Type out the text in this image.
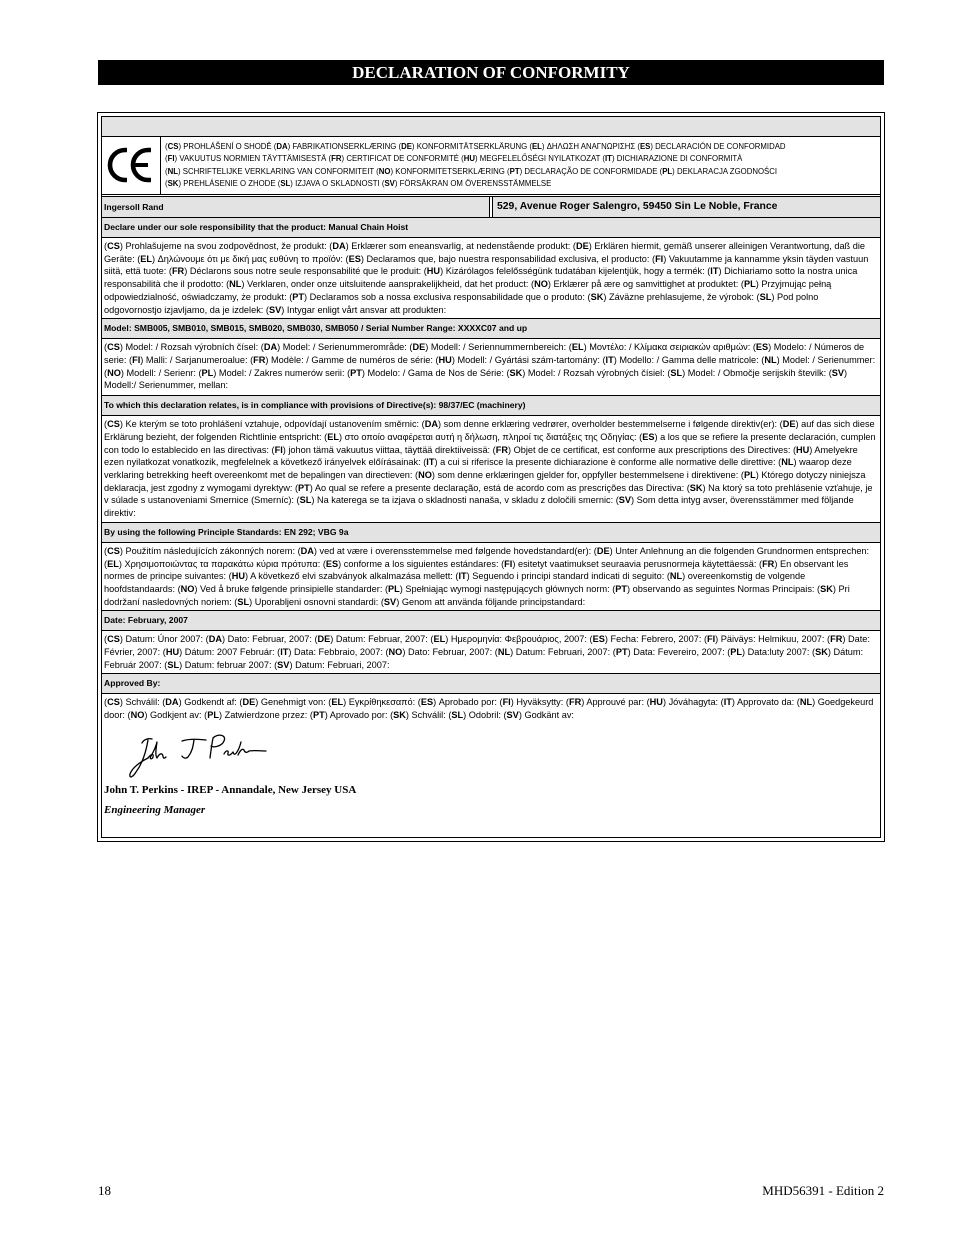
DECLARATION OF CONFORMITY
( CS ) PROHLÁŠENÍ O SHODĚ ( DA ) FABRIKATIONSERKLÆRING ( DE ) KONFORMITÄTSERKLÄRUNG ( EL ) ΔΗΛΩΣΗ ΑΝΑΓΝΩΡΙΣΗΣ ( ES ) DECLARACIÓN DE CONFORMIDAD
( FI ) VAKUUTUS NORMIEN TÄYTTÄMISESTÄ ( FR ) CERTIFICAT DE CONFORMITÉ ( HU ) MEGFELELŐSÉGI NYILATKOZAT ( IT ) DICHIARAZIONE DI CONFORMITÀ
( NL ) SCHRIFTELIJKE VERKLARING VAN CONFORMITEIT ( NO ) KONFORMITETSERKLÆRING ( PT ) DECLARAÇÃO DE CONFORMIDADE ( PL ) DEKLARACJA ZGODNOŚCI
( SK ) PREHLÁSENIE O ZHODE ( SL ) IZJAVA O SKLADNOSTI ( SV ) FÖRSÄKRAN OM ÖVERENSSTÄMMELSE
Ingersoll Rand	529, Avenue Roger Salengro, 59450 Sin Le Noble, France
Declare under our sole responsibility that the product: Manual Chain Hoist
( CS ) Prohlašujeme na svou zodpovědnost, že produkt: ( DA ) Erklærer som eneansvarlig, at nedenstående produkt: ( DE ) Erklären hiermit, gemäß unserer alleinigen Verantwortung, daß die Geräte: ( EL ) Δηλώνουμε ότι με δική μας ευθύνη το προϊόν: ( ES ) Declaramos que, bajo nuestra responsabilidad exclusiva, el producto: ( FI ) Vakuutamme ja kannamme yksin täyden vastuun siitä, että tuote: ( FR ) Déclarons sous notre seule responsabilité que le produit: ( HU ) Kizárólagos felelősségünk tudatában kijelentjük, hogy a termék: ( IT ) Dichiariamo sotto la nostra unica responsabilità che il prodotto: ( NL ) Verklaren, onder onze uitsluitende aansprakelijkheid, dat het product: ( NO ) Erklærer på ære og samvittighet at produktet: ( PL ) Przyjmując pełną odpowiedzialność, oświadczamy, że produkt: ( PT ) Declaramos sob a nossa exclusiva responsabilidade que o produto: ( SK ) Záväzne prehlasujeme, že výrobok: ( SL ) Pod polno odgovornostjo izjavljamo, da je izdelek: ( SV ) Intygar enligt vårt ansvar att produkten:
Model: SMB005, SMB010, SMB015, SMB020, SMB030, SMB050 / Serial Number Range: XXXXC07 and up
( CS ) Model: / Rozsah výrobních čísel: ( DA ) Model: / Serienummerområde: ( DE ) Modell: / Seriennummernbereich: ( EL ) Μοντέλο: / Κλίμακα σειριακών αριθμών: ( ES ) Modelo: / Números de serie: ( FI ) Malli: / Sarjanumeroalue: ( FR ) Modèle: / Gamme de numéros de série: ( HU ) Modell: / Gyártási szám-tartomány: ( IT ) Modello: / Gamma delle matricole: ( NL ) Model: / Serienummer: ( NO ) Modell: / Serienr: ( PL ) Model: / Zakres numerów serii: ( PT ) Modelo: / Gama de Nos de Série: ( SK ) Model: / Rozsah výrobných čísiel: ( SL ) Model: / Območje serijskih številk: ( SV ) Modell:/ Serienummer, mellan:
To which this declaration relates, is in compliance with provisions of Directive(s): 98/37/EC (machinery)
( CS ) Ke kterým se toto prohlášení vztahuje, odpovídají ustanovením směrnic: ( DA ) som denne erklæring vedrører, overholder bestemmelserne i følgende direktiv(er): ( DE ) auf das sich diese Erklärung bezieht, der folgenden Richtlinie entspricht: ( EL ) στο οποίο αναφέρεται αυτή η δήλωση, πληροί τις διατάξεις της Οδηγίας: ( ES ) a los que se refiere la presente declaración, cumplen con todo lo establecido en las directivas: ( FI ) johon tämä vakuutus viittaa, täyttää direktiiveissä: ( FR ) Objet de ce certificat, est conforme aux prescriptions des Directives: ( HU ) Amelyekre ezen nyilatkozat vonatkozik, megfelelnek a következő irányelvek előírásainak: ( IT ) a cui si riferisce la presente dichiarazione è conforme alle normative delle direttive: ( NL ) waarop deze verklaring betrekking heeft overeenkomt met de bepalingen van directieven: ( NO ) som denne erklæringen gjelder for, oppfyller bestemmelsene i direktivene: ( PL ) Którego dotyczy niniejsza deklaracja, jest zgodny z wymogami dyrektyw: ( PT ) Ao qual se refere a presente declaração, está de acordo com as prescrições das Directiva: ( SK ) Na ktorý sa toto prehlásenie vzťahuje, je v súlade s ustanoveniami Smernice (Smerníc): ( SL ) Na katerega se ta izjava o skladnosti nanaša, v skladu z določili smernic: ( SV ) Som detta intyg avser, överensstämmer med följande direktiv:
By using the following Principle Standards: EN 292; VBG 9a
( CS ) Použitím následujících zákonných norem: ( DA ) ved at være i overensstemmelse med følgende hovedstandard(er): ( DE ) Unter Anlehnung an die folgenden Grundnormen entsprechen: ( EL ) Χρησιμοποιώντας τα παρακάτω κύρια πρότυπα: ( ES ) conforme a los siguientes estándares: ( FI ) esitetyt vaatimukset seuraavia perusnormeja käytettäessä: ( FR ) En observant les normes de principe suivantes: ( HU ) A következő elvi szabványok alkalmazása mellett: ( IT ) Seguendo i principi standard indicati di seguito: ( NL ) overeenkomstig de volgende hoofdstandaards: ( NO ) Ved å bruke følgende prinsipielle standarder: ( PL ) Spełniając wymogi następujących głównych norm: ( PT ) observando as seguintes Normas Principais: ( SK ) Pri dodržaní nasledovných noriem: ( SL ) Uporabljeni osnovni standardi: ( SV ) Genom att använda följande principstandard:
Date: February, 2007
( CS ) Datum: Únor 2007: ( DA ) Dato: Februar, 2007: ( DE ) Datum: Februar, 2007: ( EL ) Ημερομηνία: Φεβρουάριος, 2007: ( ES ) Fecha: Febrero, 2007: ( FI ) Päiväys: Helmikuu, 2007: ( FR ) Date: Février, 2007: ( HU ) Dátum: 2007 Február: ( IT ) Data: Febbraio, 2007: ( NO ) Dato: Februar, 2007: ( NL ) Datum: Februari, 2007: ( PT ) Data: Fevereiro, 2007: ( PL ) Data:luty 2007: ( SK ) Dátum: Február 2007: ( SL ) Datum: februar 2007: ( SV ) Datum: Februari, 2007:
Approved By:
( CS ) Schválil: ( DA ) Godkendt af: ( DE ) Genehmigt von: ( EL ) Εγκρίθηκεσαπό: ( ES ) Aprobado por: ( FI ) Hyväksytty: ( FR ) Approuvé par: ( HU ) Jóváhagyta: ( IT ) Approvato da: ( NL ) Goedgekeurd door: ( NO ) Godkjent av: ( PL ) Zatwierdzone przez: ( PT ) Aprovado por: ( SK ) Schválil: ( SL ) Odobril: ( SV ) Godkänt av:
John T. Perkins - IREP - Annandale, New Jersey USA
Engineering Manager
18	MHD56391 - Edition 2
